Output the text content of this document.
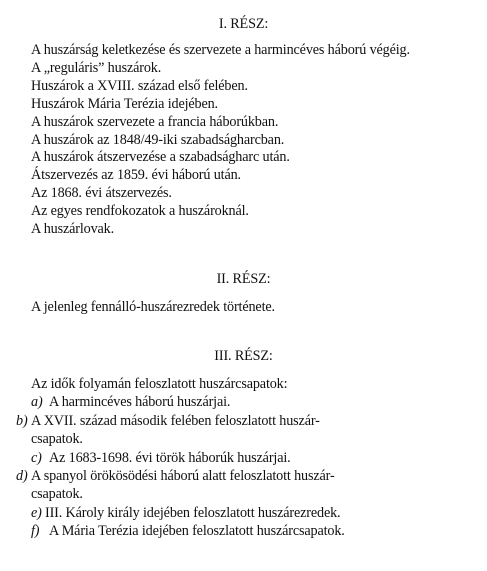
I. RÉSZ:
A huszárság keletkezése és szervezete a harmincéves háború végéig.
A „reguláris” huszárok.
Huszárok a XVIII. század első felében.
Huszárok Mária Terézia idejében.
A huszárok szervezete a francia háborúkban.
A huszárok az 1848/49-iki szabadságharcban.
A huszárok átszervezése a szabadságharc után.
Átszervezés az 1859. évi háború után.
Az 1868. évi átszervezés.
Az egyes rendfokozatok a huszároknál.
A huszárlovak.
II. RÉSZ:
A jelenleg fennálló-huszárezredek története.
III. RÉSZ:
Az idők folyamán feloszlatott huszárcsapatok:
a) A harmincéves háború huszárjai.
b) A XVII. század második felében feloszlatott huszár-
csapatok.
c) Az 1683-1698. évi török háborúk huszárjai.
d) A spanyol örökösödési háború alatt feloszlatott huszár-
csapatok.
e) III. Károly király idejében feloszlatott huszárezredek.
f) A Mária Terézia idejében feloszlatott huszárcsapatok.
